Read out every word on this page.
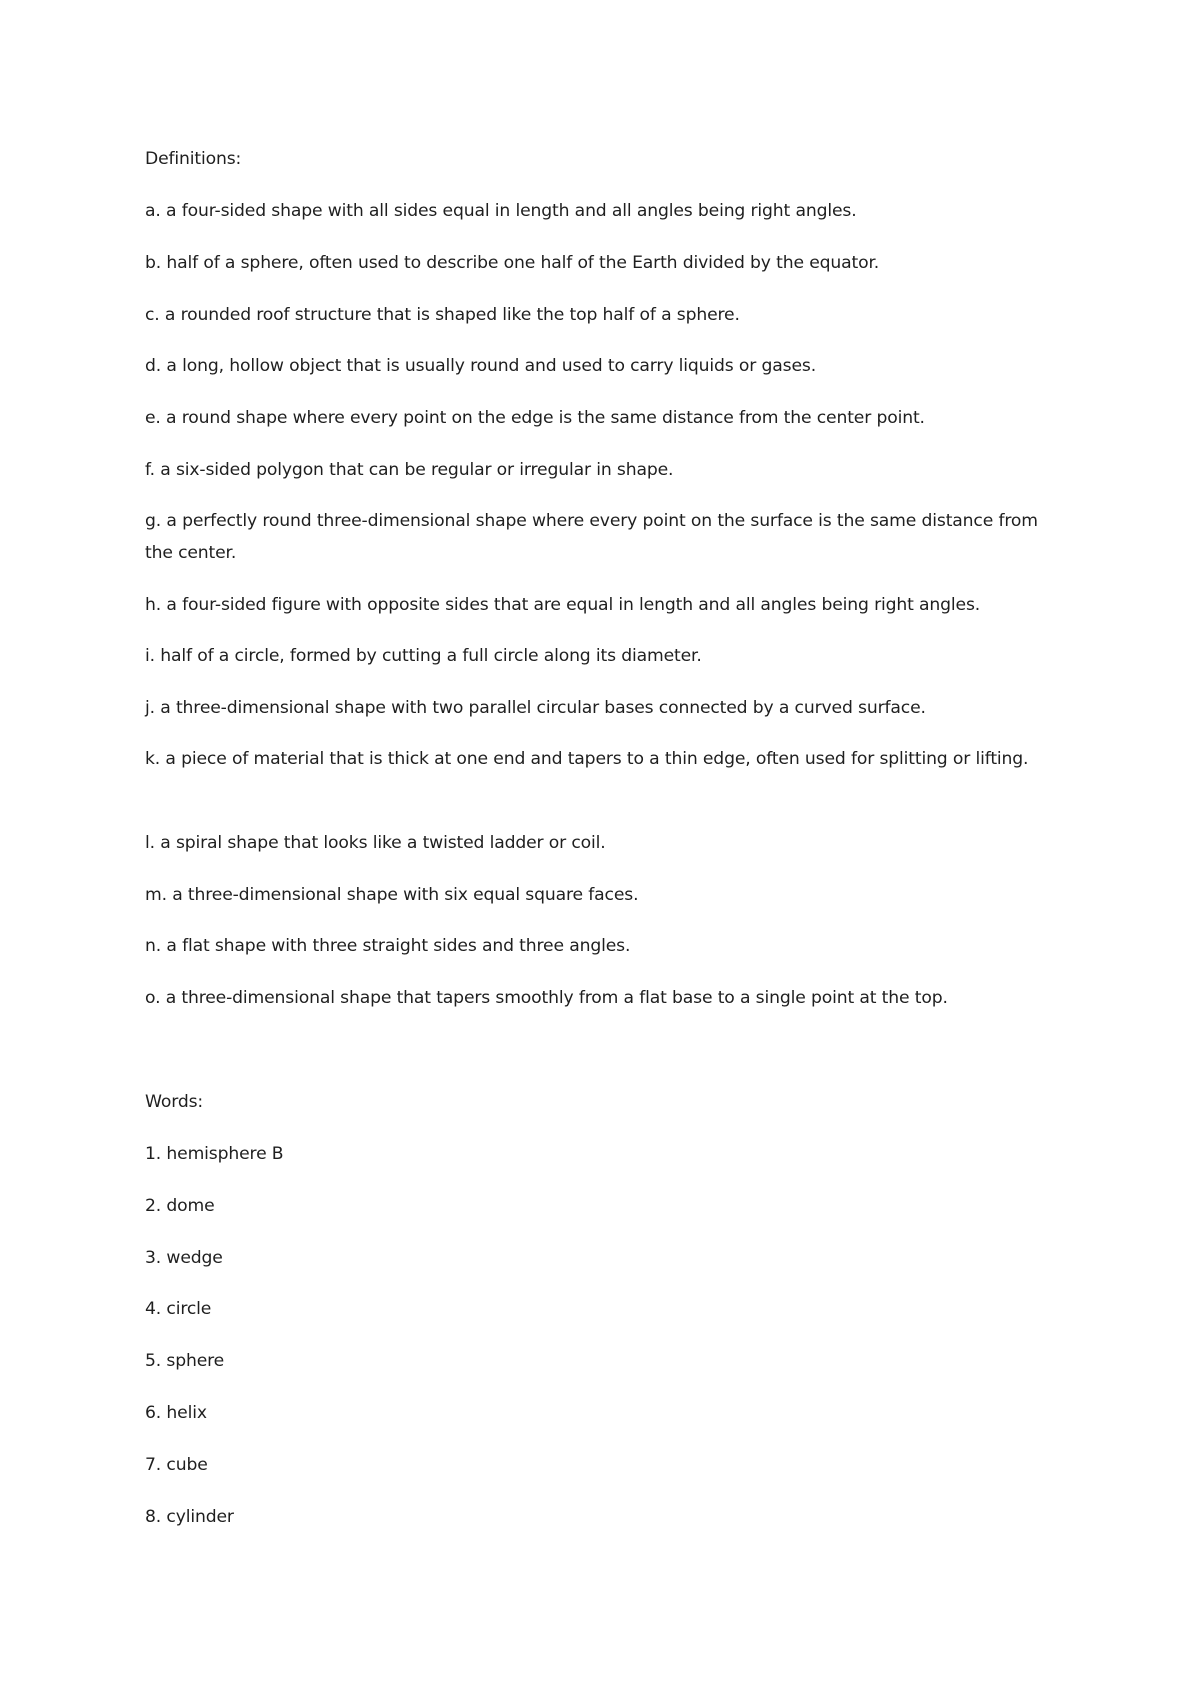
Definitions:
a. a four-sided shape with all sides equal in length and all angles being right angles.
b. half of a sphere, often used to describe one half of the Earth divided by the equator.
c. a rounded roof structure that is shaped like the top half of a sphere.
d. a long, hollow object that is usually round and used to carry liquids or gases.
e. a round shape where every point on the edge is the same distance from the center point.
f. a six-sided polygon that can be regular or irregular in shape.
g. a perfectly round three-dimensional shape where every point on the surface is the same distance from the center.
h. a four-sided figure with opposite sides that are equal in length and all angles being right angles.
i. half of a circle, formed by cutting a full circle along its diameter.
j. a three-dimensional shape with two parallel circular bases connected by a curved surface.
k. a piece of material that is thick at one end and tapers to a thin edge, often used for splitting or lifting.
l. a spiral shape that looks like a twisted ladder or coil.
m. a three-dimensional shape with six equal square faces.
n. a flat shape with three straight sides and three angles.
o. a three-dimensional shape that tapers smoothly from a flat base to a single point at the top.
Words:
1. hemisphere B
2. dome
3. wedge
4. circle
5. sphere
6. helix
7. cube
8. cylinder
